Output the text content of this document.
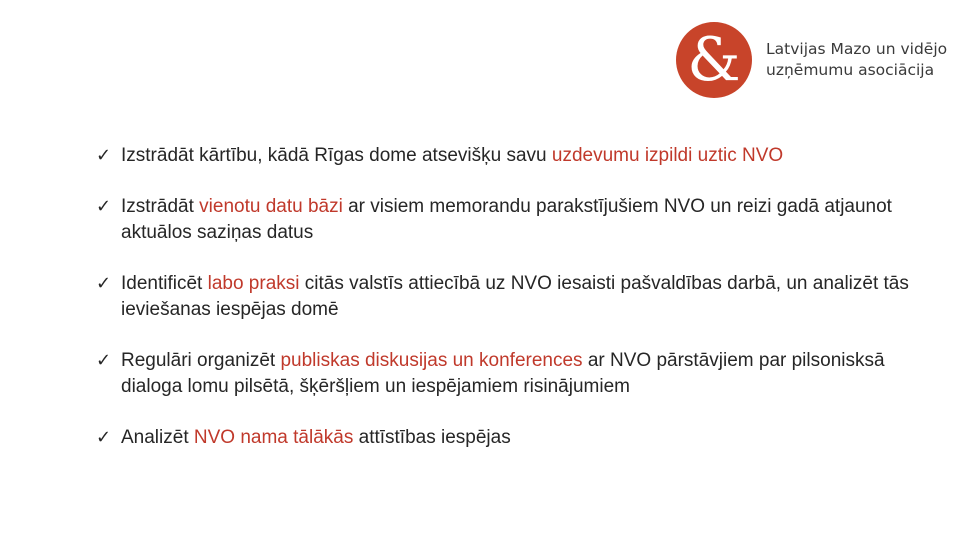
&	Latvijas Mazo un vidējo
uzņēmumu asociācija
✓ Izstrādāt kārtību, kādā Rīgas dome atsevišķu savu uzdevumu izpildi uztic NVO
✓ Izstrādāt vienotu datu bāzi ar visiem memorandu parakstījušiem NVO un reizi gadā atjaunot aktuālos saziņas datus
✓ Identificēt labo praksi citās valstīs attiecībā uz NVO iesaisti pašvaldības darbā, un analizēt tās ieviešanas iespējas domē
✓ Regulāri organizēt publiskas diskusijas un konferences ar NVO pārstāvjiem par pilsonisksā dialoga lomu pilsētā, šķēršļiem un iespējamiem risinājumiem
✓ Analizēt NVO nama tālākās attīstības iespējas
